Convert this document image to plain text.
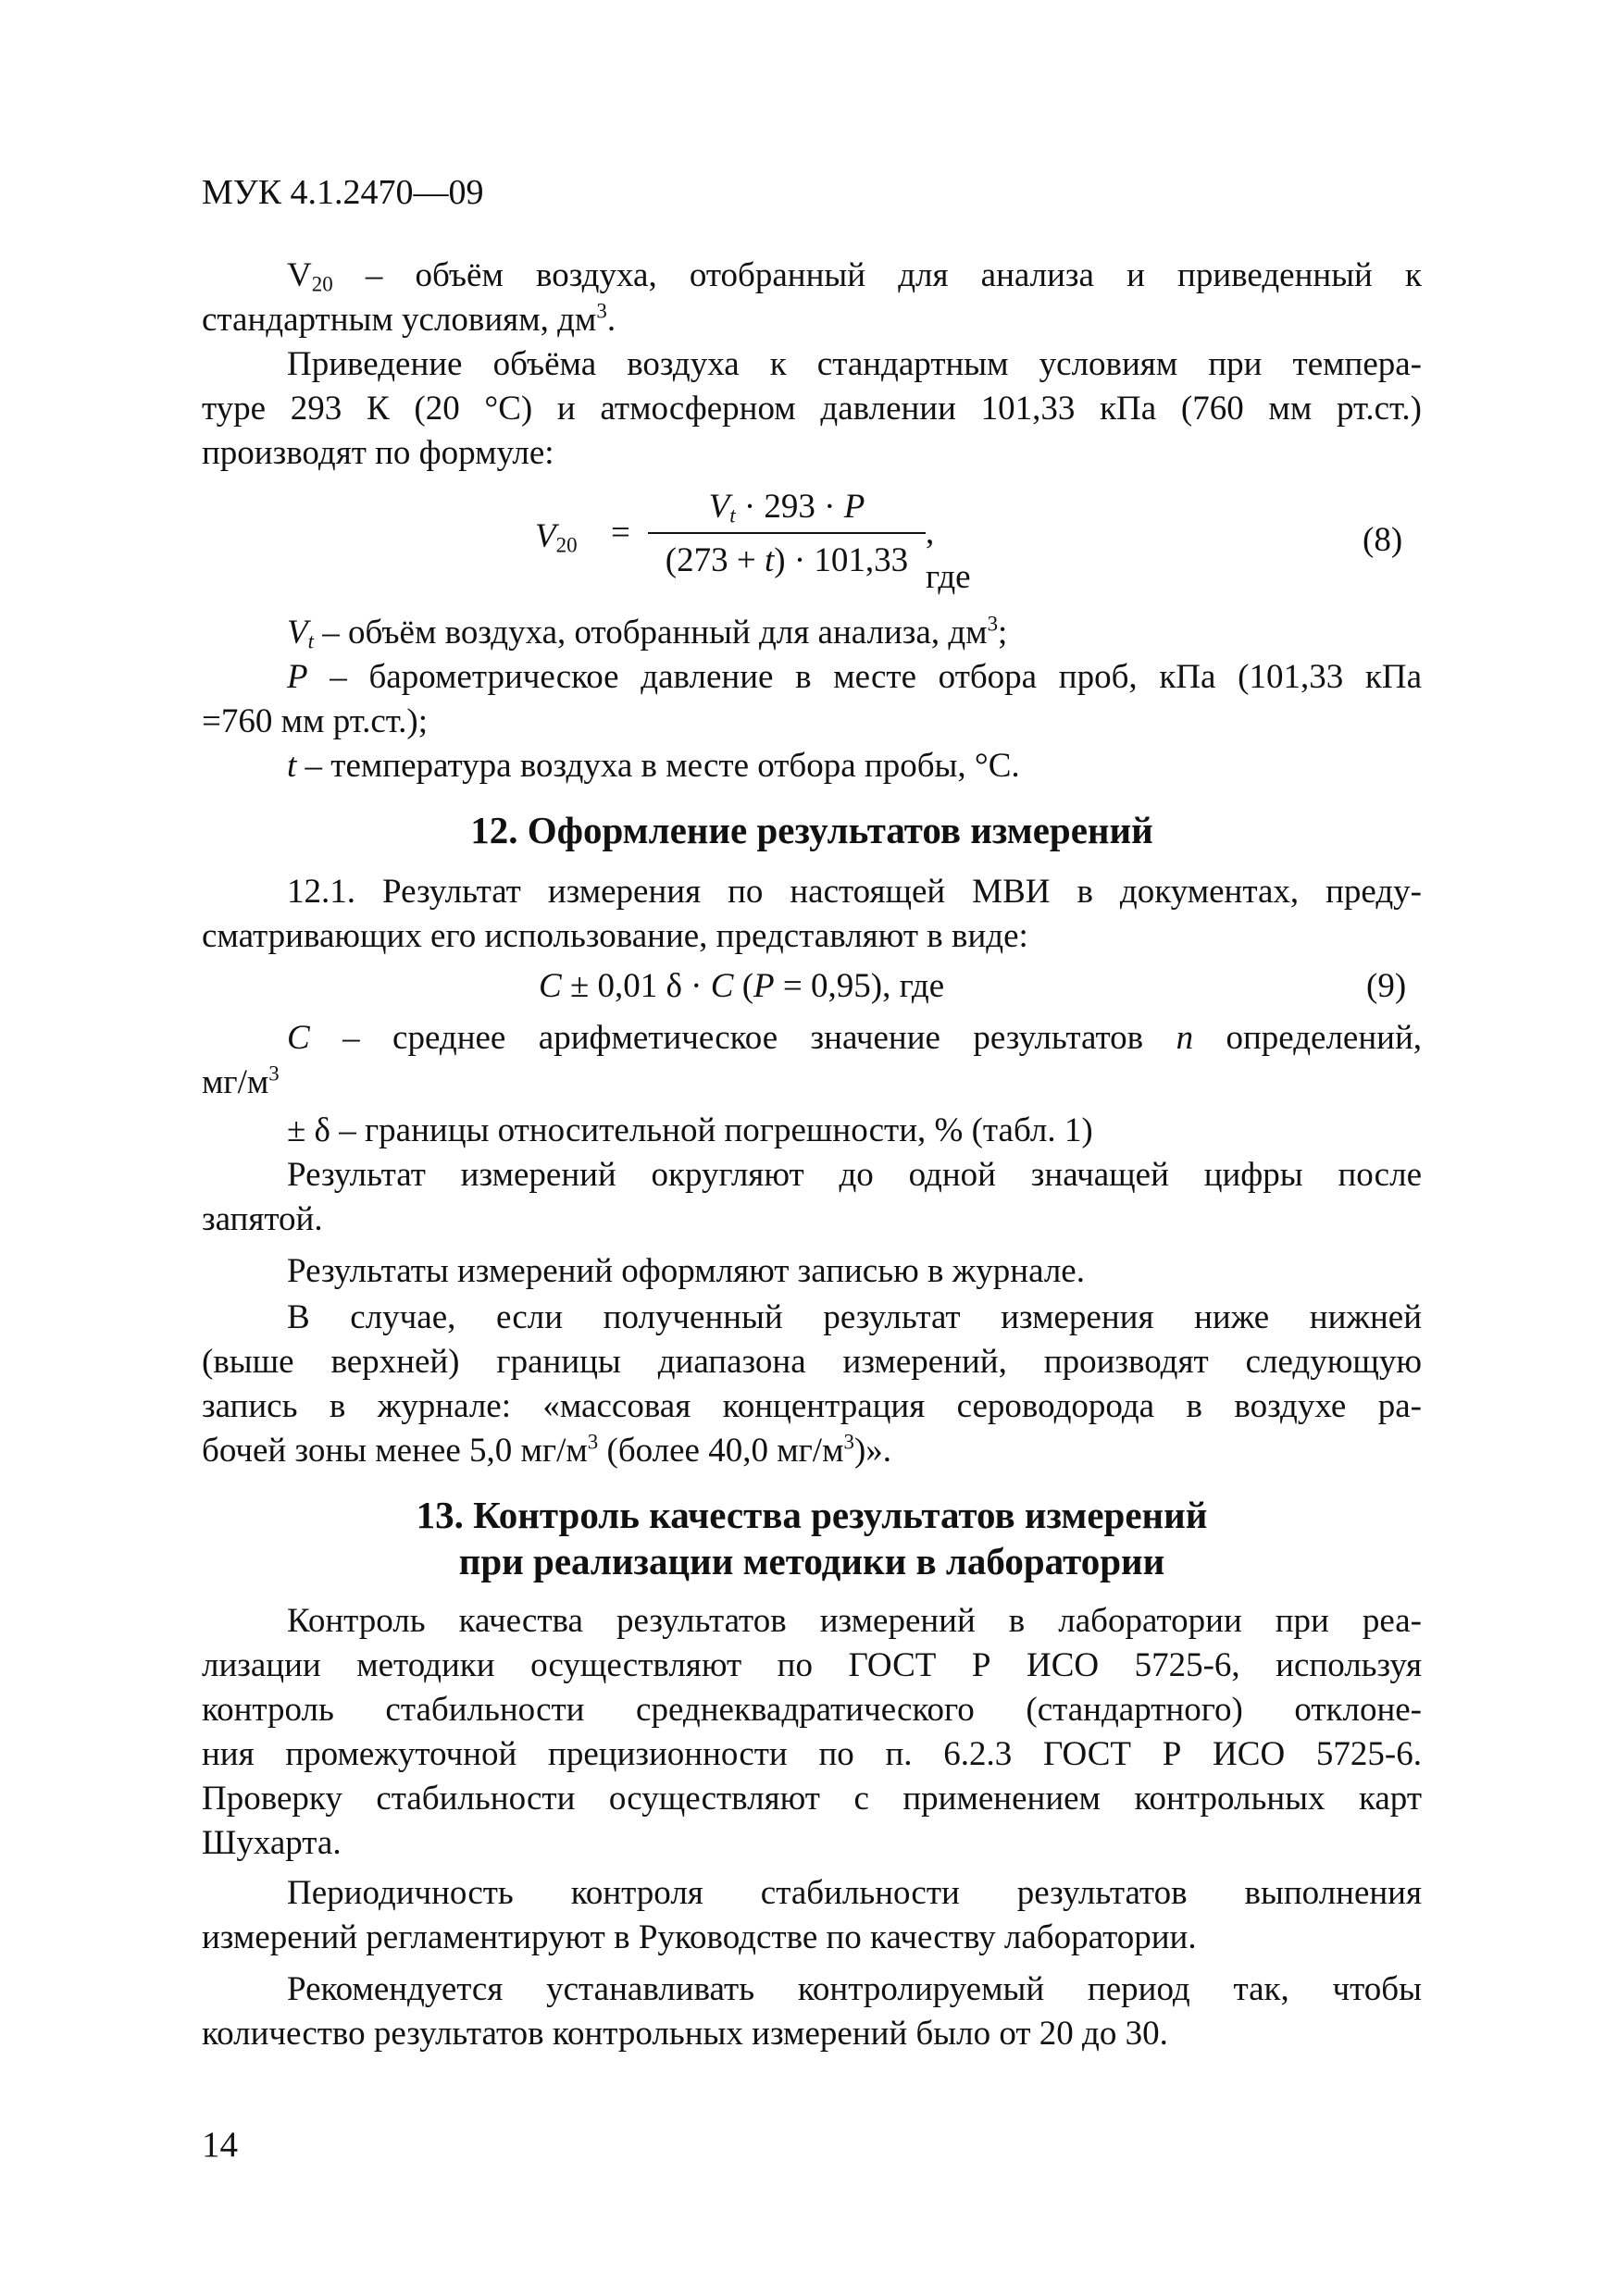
МУК 4.1.2470—09
$V_{20}$ – объём воздуха, отобранный для анализа и приведенный к
стандартным условиям, $дм^3$.
Приведение объёма воздуха к стандартным условиям при темпера-
туре 293 К (20 °С) и атмосферном давлении 101,33 кПа (760 мм рт.ст.)
производят по формуле:
$V_{20}$ =
$V_t \cdot 293 \cdot P$
(273 + t) · 101,33
, где
(8)
$V_t$ – объём воздуха, отобранный для анализа, $дм^3$;
P – барометрическое давление в месте отбора проб, кПа (101,33 кПа
=760 мм рт.ст.);
t – температура воздуха в месте отбора пробы, °С.
12. Оформление результатов измерений
12.1. Результат измерения по настоящей МВИ в документах, преду-
сматривающих его использование, представляют в виде:
C ± 0,01 δ · C (P = 0,95), где	(9)
C – среднее арифметическое значение результатов n определений,
$мг/м^3$
± δ – границы относительной погрешности, % (табл. 1)
Результат измерений округляют до одной значащей цифры после
запятой.
Результаты измерений оформляют записью в журнале.
В случае, если полученный результат измерения ниже нижней
(выше верхней) границы диапазона измерений, производят следующую
запись в журнале: «массовая концентрация сероводорода в воздухе ра-
бочей зоны менее 5,0 $мг/м^3$ (более 40,0 $мг/м^3$)».
13. Контроль качества результатов измерений
при реализации методики в лаборатории
Контроль качества результатов измерений в лаборатории при реа-
лизации методики осуществляют по ГОСТ Р ИСО 5725-6, используя
контроль стабильности среднеквадратического (стандартного) отклоне-
ния промежуточной прецизионности по п. 6.2.3 ГОСТ Р ИСО 5725-6.
Проверку стабильности осуществляют с применением контрольных карт
Шухарта.
Периодичность контроля стабильности результатов выполнения
измерений регламентируют в Руководстве по качеству лаборатории.
Рекомендуется устанавливать контролируемый период так, чтобы
количество результатов контрольных измерений было от 20 до 30.
14
